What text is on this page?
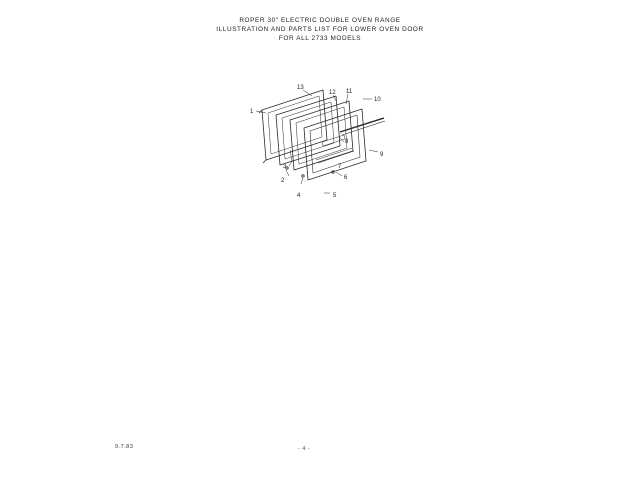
ROPER 30" ELECTRIC DOUBLE OVEN RANGE
ILLUSTRATION AND PARTS LIST FOR LOWER OVEN DOOR
FOR ALL 2733 MODELS
1
2
3
4	5
6
7
8
9
10
11
12
13
9.7.83	- 4 -
